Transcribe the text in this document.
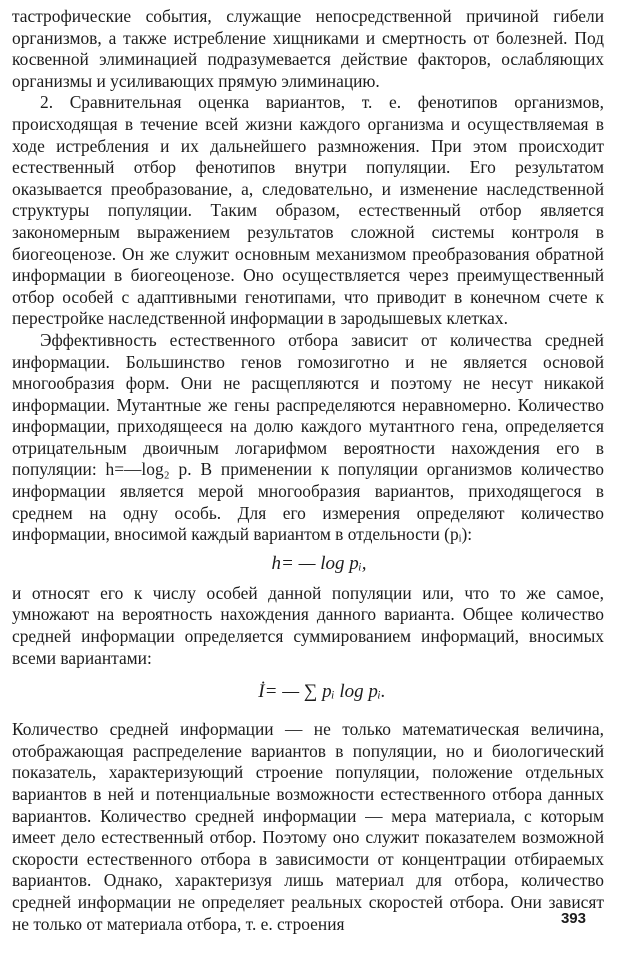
тастрофические события, служащие непосредственной причиной гибели организмов, а также истребление хищниками и смертность от болезней. Под косвенной элиминацией подразумевается действие факторов, ослабляющих организмы и усиливающих прямую элиминацию.

2. Сравнительная оценка вариантов, т. е. фенотипов организмов, происходящая в течение всей жизни каждого организма и осуществляемая в ходе истребления и их дальнейшего размножения. При этом происходит естественный отбор фенотипов внутри популяции. Его результатом оказывается преобразование, а, следовательно, и изменение наследственной структуры популяции. Таким образом, естественный отбор является закономерным выражением результатов сложной системы контроля в биогеоценозе. Он же служит основным механизмом преобразования обратной информации в биогеоценозе. Оно осуществляется через преимущественный отбор особей с адаптивными генотипами, что приводит в конечном счете к перестройке наследственной информации в зародышевых клетках.

Эффективность естественного отбора зависит от количества средней информации. Большинство генов гомозиготно и не является основой многообразия форм. Они не расщепляются и поэтому не несут никакой информации. Мутантные же гены распределяются неравномерно. Количество информации, приходящееся на долю каждого мутантного гена, определяется отрицательным двоичным логарифмом вероятности нахождения его в популяции: h=—log₂ p. В применении к популяции организмов количество информации является мерой многообразия вариантов, приходящегося в среднем на одну особь. Для его измерения определяют количество информации, вносимой каждый вариантом в отдельности (pᵢ):

h= — log pᵢ,

и относят его к числу особей данной популяции или, что то же самое, умножают на вероятность нахождения данного варианта. Общее количество средней информации определяется суммированием информаций, вносимых всеми вариантами:

İ= — ∑ pᵢ log pᵢ.

Количество средней информации — не только математическая величина, отображающая распределение вариантов в популяции, но и биологический показатель, характеризующий строение популяции, положение отдельных вариантов в ней и потенциальные возможности естественного отбора данных вариантов. Количество средней информации — мера материала, с которым имеет дело естественный отбор. Поэтому оно служит показателем возможной скорости естественного отбора в зависимости от концентрации отбираемых вариантов. Однако, характеризуя лишь материал для отбора, количество средней информации не определяет реальных скоростей отбора. Они зависят не только от материала отбора, т. е. строения	393
